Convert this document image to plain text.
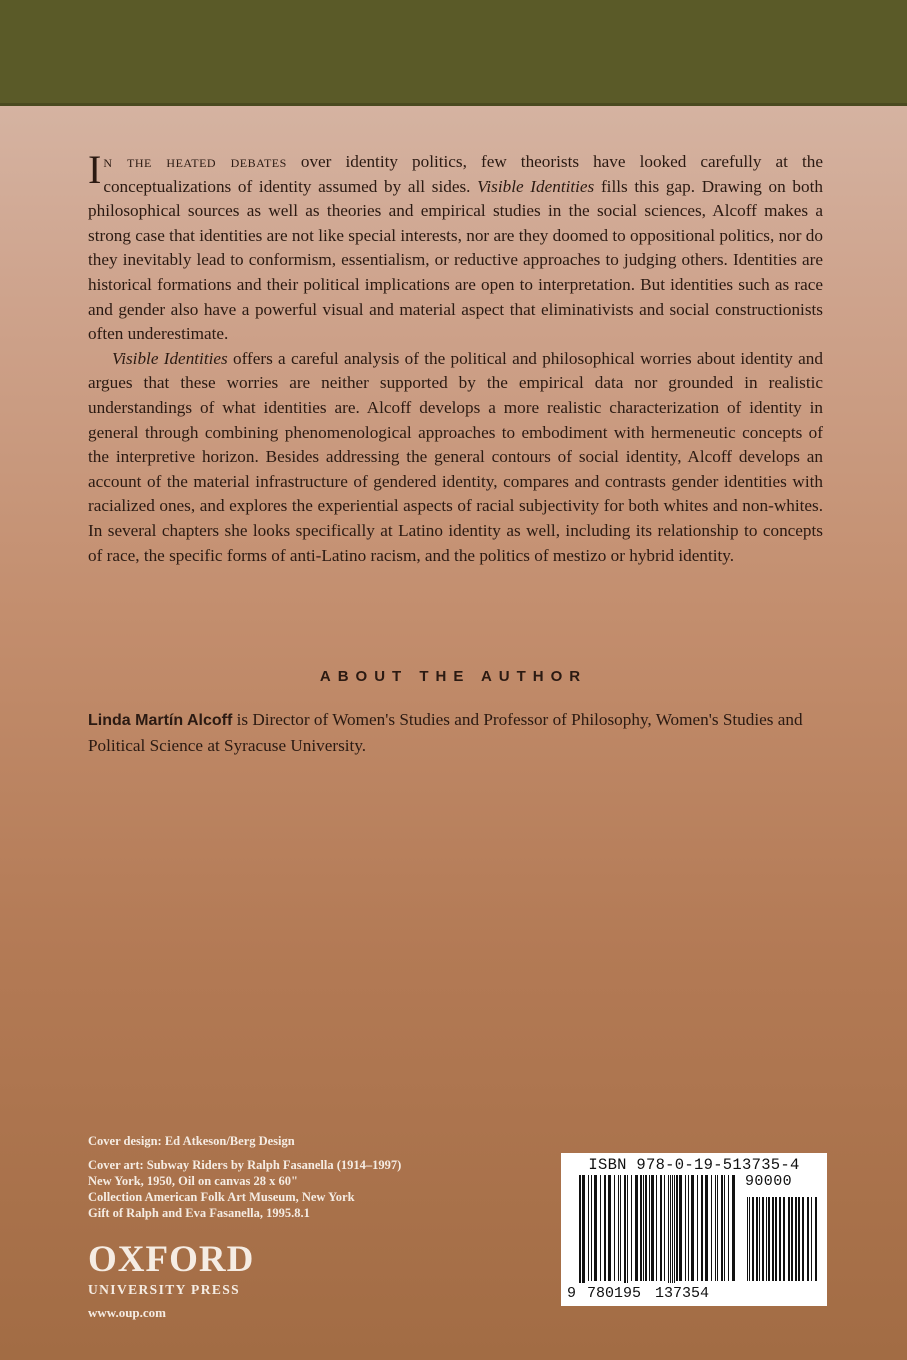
In the heated debates over identity politics, few theorists have looked carefully at the conceptualizations of identity assumed by all sides. Visible Identities fills this gap. Drawing on both philosophical sources as well as theories and empirical studies in the social sciences, Alcoff makes a strong case that identities are not like special interests, nor are they doomed to oppositional politics, nor do they inevitably lead to conformism, essentialism, or reductive approaches to judging others. Identities are historical formations and their political implications are open to interpretation. But identities such as race and gender also have a powerful visual and material aspect that eliminativists and social constructionists often underestimate.

Visible Identities offers a careful analysis of the political and philosophical worries about identity and argues that these worries are neither supported by the empirical data nor grounded in realistic understandings of what identities are. Alcoff develops a more realistic characterization of identity in general through combining phenomenological approaches to embodiment with hermeneutic concepts of the interpretive horizon. Besides addressing the general contours of social identity, Alcoff develops an account of the material infrastructure of gendered identity, compares and contrasts gender identities with racialized ones, and explores the experiential aspects of racial subjectivity for both whites and non-whites. In several chapters she looks specifically at Latino identity as well, including its relationship to concepts of race, the specific forms of anti-Latino racism, and the politics of mestizo or hybrid identity.

ABOUT THE AUTHOR
Linda Martín Alcoff is Director of Women's Studies and Professor of Philosophy, Women's Studies and Political Science at Syracuse University.
Cover design: Ed Atkeson/Berg Design
Cover art: Subway Riders by Ralph Fasanella (1914–1997)
New York, 1950, Oil on canvas 28 x 60"
Collection American Folk Art Museum, New York
Gift of Ralph and Eva Fasanella, 1995.8.1
OXFORD
UNIVERSITY PRESS
www.oup.com
ISBN 978-0-19-513735-4
90000
9 780195 137354
